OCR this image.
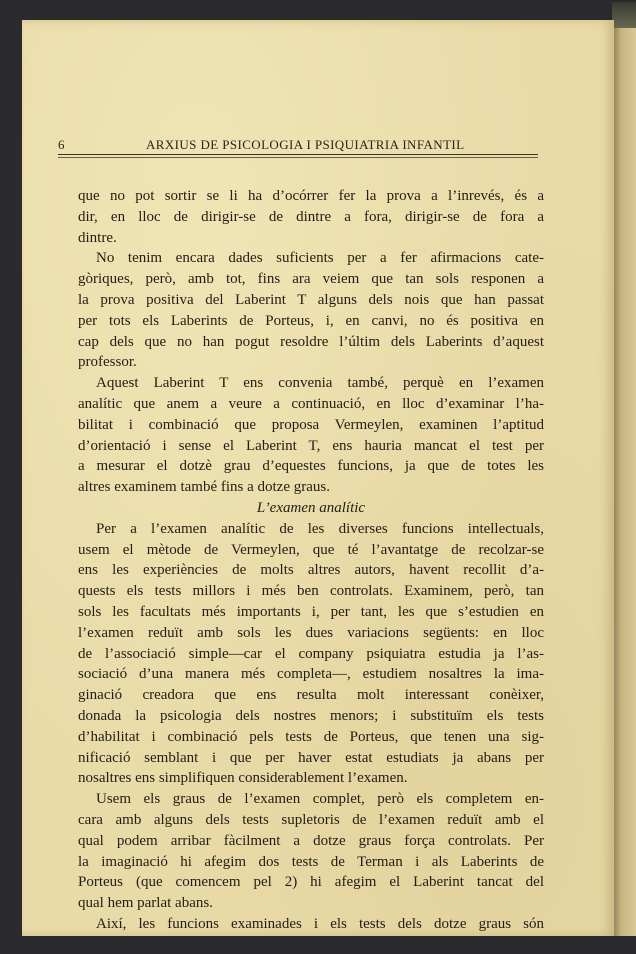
6	ARXIUS DE PSICOLOGIA I PSIQUIATRIA INFANTIL
que no pot sortir se li ha d’ocórrer fer la prova a l’inrevés, és a
dir, en lloc de dirigir-se de dintre a fora, dirigir-se de fora a
dintre.
No tenim encara dades suficients per a fer afirmacions cate-
gòriques, però, amb tot, fins ara veiem que tan sols responen a
la prova positiva del Laberint T alguns dels nois que han passat
per tots els Laberints de Porteus, i, en canvi, no és positiva en
cap dels que no han pogut resoldre l’últim dels Laberints d’aquest
professor.
Aquest Laberint T ens convenia també, perquè en l’examen
analític que anem a veure a continuació, en lloc d’examinar l’ha-
bilitat i combinació que proposa Vermeylen, examinen l’aptitud
d’orientació i sense el Laberint T, ens hauria mancat el test per
a mesurar el dotzè grau d’equestes funcions, ja que de totes les
altres examinem també fins a dotze graus.
L’examen analític
Per a l’examen analític de les diverses funcions intellectuals,
usem el mètode de Vermeylen, que té l’avantatge de recolzar-se
ens les experiències de molts altres autors, havent recollit d’a-
quests els tests millors i més ben controlats. Examinem, però, tan
sols les facultats més importants i, per tant, les que s’estudien en
l’examen reduït amb sols les dues variacions següents: en lloc
de l’associació simple—car el company psiquiatra estudia ja l’as-
sociació d’una manera més completa—, estudiem nosaltres la ima-
ginació creadora que ens resulta molt interessant conèixer,
donada la psicologia dels nostres menors; i substituïm els tests
d’habilitat i combinació pels tests de Porteus, que tenen una sig-
nificació semblant i que per haver estat estudiats ja abans per
nosaltres ens simplifiquen considerablement l’examen.
Usem els graus de l’examen complet, però els completem en-
cara amb alguns dels tests supletoris de l’examen reduït amb el
qual podem arribar fàcilment a dotze graus força controlats. Per
la imaginació hi afegim dos tests de Terman i als Laberints de
Porteus (que comencem pel 2) hi afegim el Laberint tancat del
qual hem parlat abans.
Així, les funcions examinades i els tests dels dotze graus són
